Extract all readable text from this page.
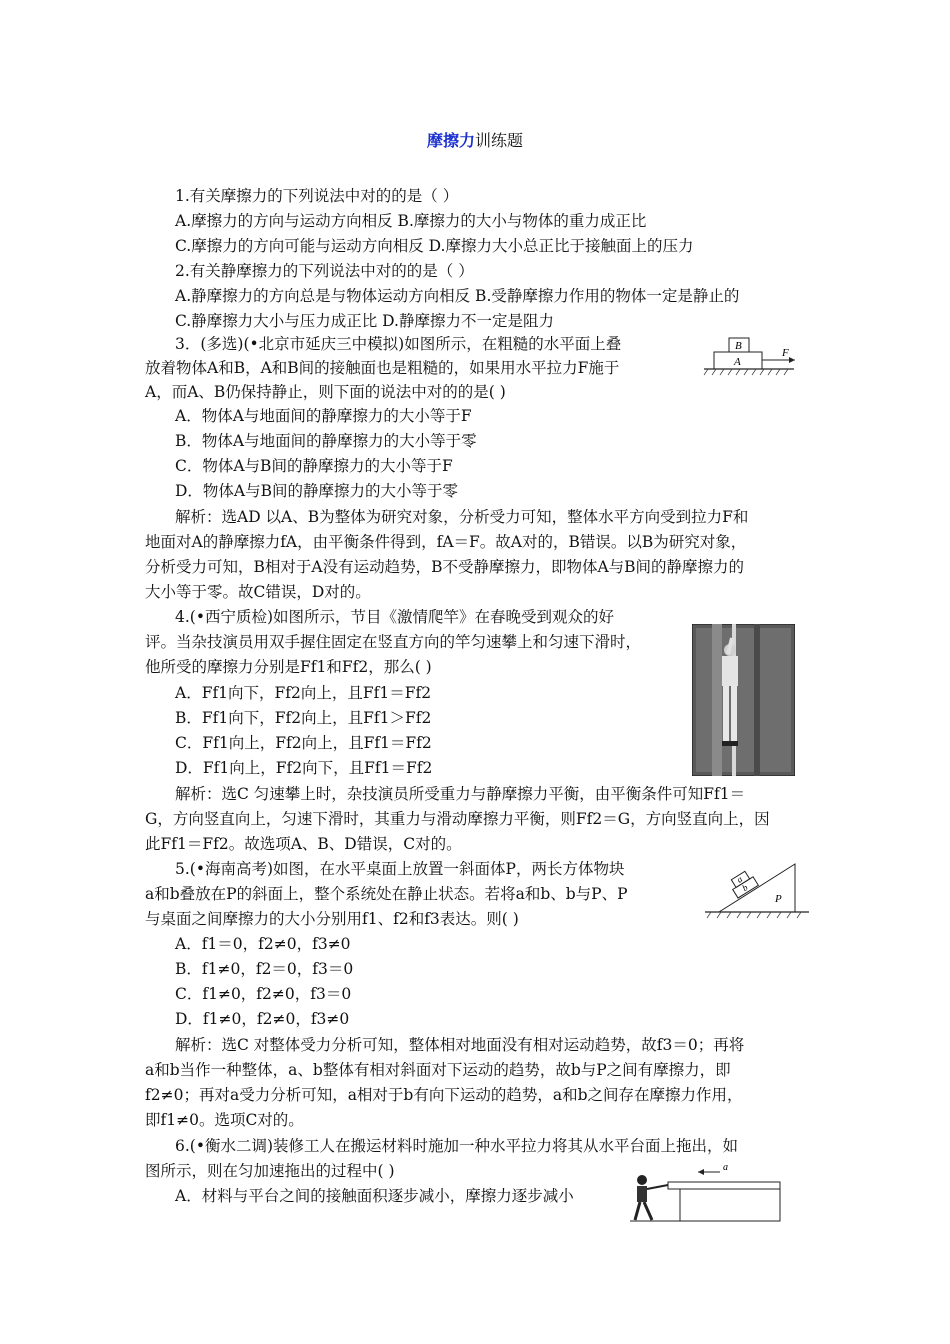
摩擦力训练题
1.有关摩擦力的下列说法中对的的是（ ）
A.摩擦力的方向与运动方向相反 B.摩擦力的大小与物体的重力成正比
C.摩擦力的方向可能与运动方向相反 D.摩擦力大小总正比于接触面上的压力
2.有关静摩擦力的下列说法中对的的是（ ）
A.静摩擦力的方向总是与物体运动方向相反 B.受静摩擦力作用的物体一定是静止的
C.静摩擦力大小与压力成正比 D.静摩擦力不一定是阻力
3．(多选)(•北京市延庆三中模拟)如图所示，在粗糙的水平面上叠
放着物体A和B，A和B间的接触面也是粗糙的，如果用水平拉力F施于
A，而A、B仍保持静止，则下面的说法中对的的是( )
A．物体A与地面间的静摩擦力的大小等于F
B．物体A与地面间的静摩擦力的大小等于零
C．物体A与B间的静摩擦力的大小等于F
D．物体A与B间的静摩擦力的大小等于零
解析：选AD 以A、B为整体为研究对象，分析受力可知，整体水平方向受到拉力F和
地面对A的静摩擦力fA，由平衡条件得到，fA＝F。故A对的，B错误。以B为研究对象，
分析受力可知，B相对于A没有运动趋势，B不受静摩擦力，即物体A与B间的静摩擦力的
大小等于零。故C错误，D对的。
4.(•西宁质检)如图所示，节目《激情爬竿》在春晚受到观众的好
评。当杂技演员用双手握住固定在竖直方向的竿匀速攀上和匀速下滑时，
他所受的摩擦力分别是Ff1和Ff2，那么( )
A．Ff1向下，Ff2向上，且Ff1＝Ff2
B．Ff1向下，Ff2向上，且Ff1＞Ff2
C．Ff1向上，Ff2向上，且Ff1＝Ff2
D．Ff1向上，Ff2向下，且Ff1＝Ff2
解析：选C 匀速攀上时，杂技演员所受重力与静摩擦力平衡，由平衡条件可知Ff1＝
G，方向竖直向上，匀速下滑时，其重力与滑动摩擦力平衡，则Ff2＝G，方向竖直向上，因
此Ff1＝Ff2。故选项A、B、D错误，C对的。
5.(•海南高考)如图，在水平桌面上放置一斜面体P，两长方体物块
a和b叠放在P的斜面上，整个系统处在静止状态。若将a和b、b与P、P
与桌面之间摩擦力的大小分别用f1、f2和f3表达。则( )
A．f1＝0，f2≠0，f3≠0
B．f1≠0，f2＝0，f3＝0
C．f1≠0，f2≠0，f3＝0
D．f1≠0，f2≠0，f3≠0
解析：选C 对整体受力分析可知，整体相对地面没有相对运动趋势，故f3＝0；再将
a和b当作一种整体，a、b整体有相对斜面对下运动的趋势，故b与P之间有摩擦力，即
f2≠0；再对a受力分析可知，a相对于b有向下运动的趋势，a和b之间存在摩擦力作用，
即f1≠0。选项C对的。
6.(•衡水二调)装修工人在搬运材料时施加一种水平拉力将其从水平台面上拖出，如
图所示，则在匀加速拖出的过程中( )
A．材料与平台之间的接触面积逐步减小，摩擦力逐步减小
B
A
F
P
b
a
a
